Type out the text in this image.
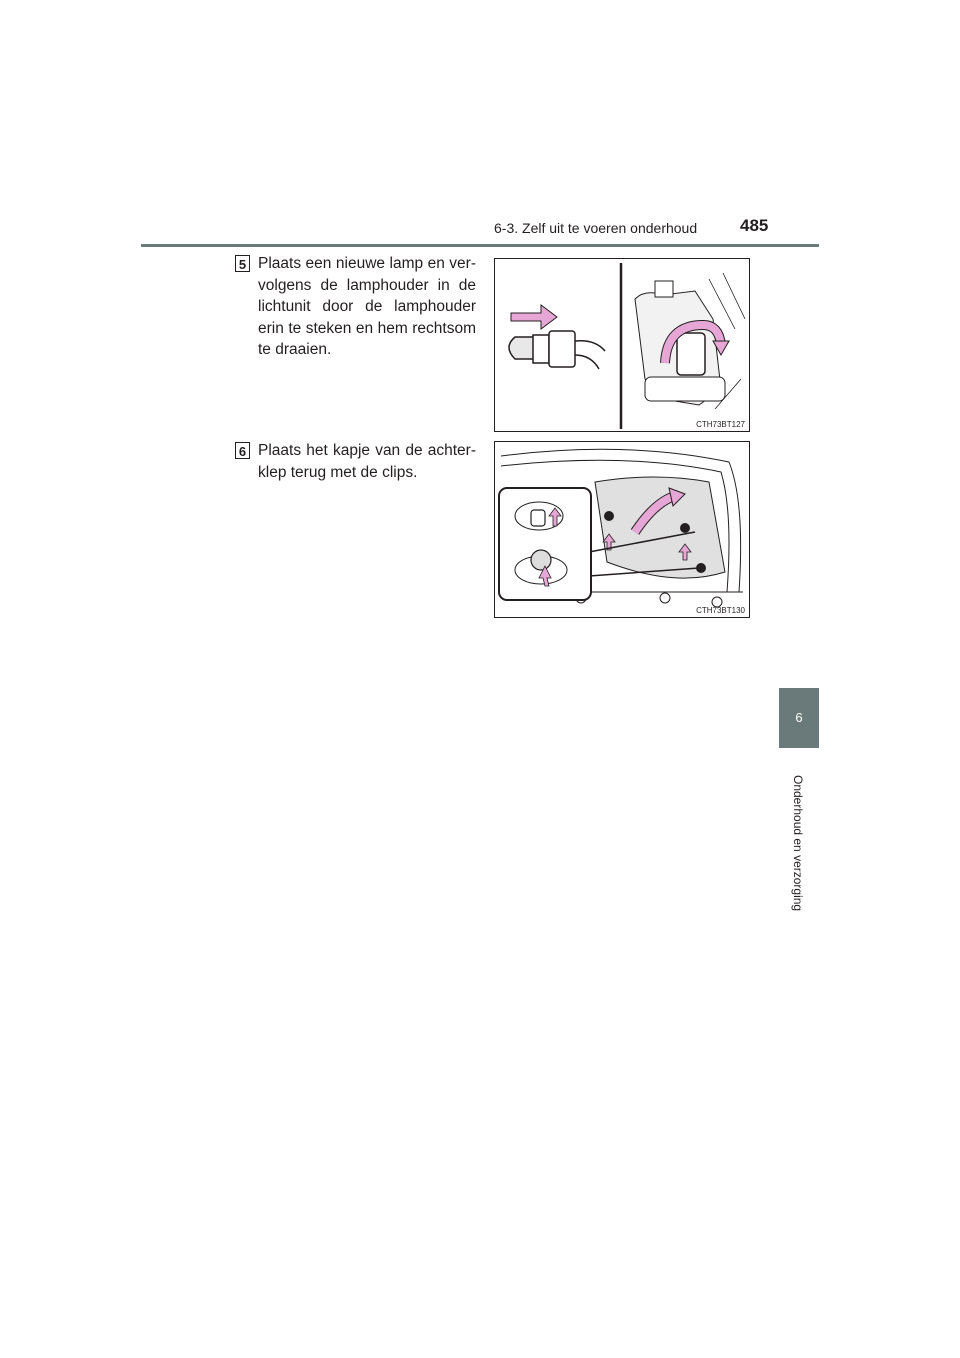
6-3. Zelf uit te voeren onderhoud	485
6
Onderhoud en verzorging
5 Plaats een nieuwe lamp en ver-volgens de lamphouder in de lichtunit door de lamphouder erin te steken en hem rechtsom te draaien.
CTH73BT127
6 Plaats het kapje van de achter-klep terug met de clips.
CTH73BT130
